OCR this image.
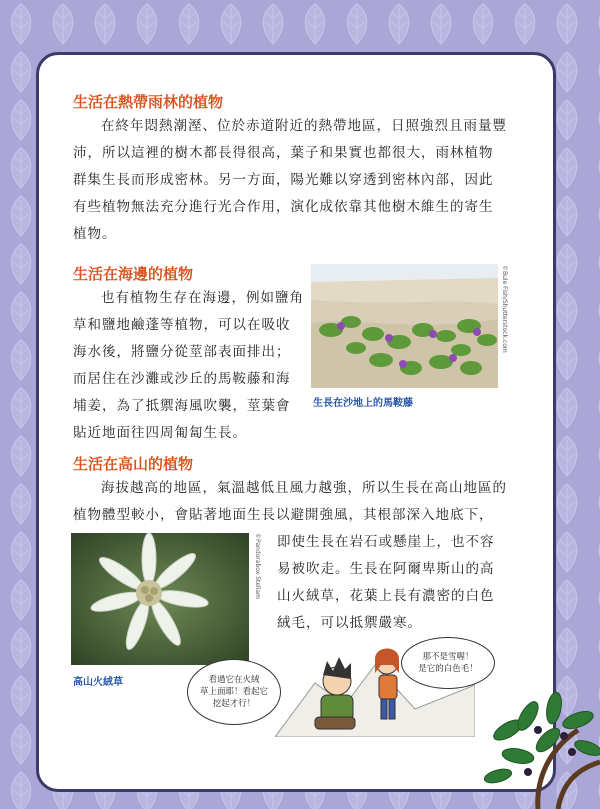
生活在熱帶雨林的植物
在終年悶熱潮溼、位於赤道附近的熱帶地區，日照強烈且雨量豐
沛，所以這裡的樹木都長得很高，葉子和果實也都很大，雨林植物
群集生長而形成密林。另一方面，陽光難以穿透到密林內部，因此
有些植物無法充分進行光合作用，演化成依靠其他樹木維生的寄生
植物。
生活在海邊的植物
也有植物生存在海邊，例如鹽角
草和鹽地鹼蓬等植物，可以在吸收
海水後，將鹽分從莖部表面排出；
而居住在沙灘或沙丘的馬鞍藤和海
埔姜，為了抵禦海風吹襲，莖葉會
貼近地面往四周匍匐生長。
©Bule Fish/Shutterstock.com
生長在沙地上的馬鞍藤
生活在高山的植物
海拔越高的地區，氣溫越低且風力越強，所以生長在高山地區的
植物體型較小，會貼著地面生長以避開強風，其根部深入地底下，
即使生長在岩石或懸崖上，也不容
易被吹走。生長在阿爾卑斯山的高
山火絨草，花葉上長有濃密的白色
絨毛，可以抵禦嚴寒。
©Pandorabox Stellam
高山火絨草	看過它在火絨
草上面耶！看起它
挖起才行！
那不是雪喔！
是它的白色毛！
